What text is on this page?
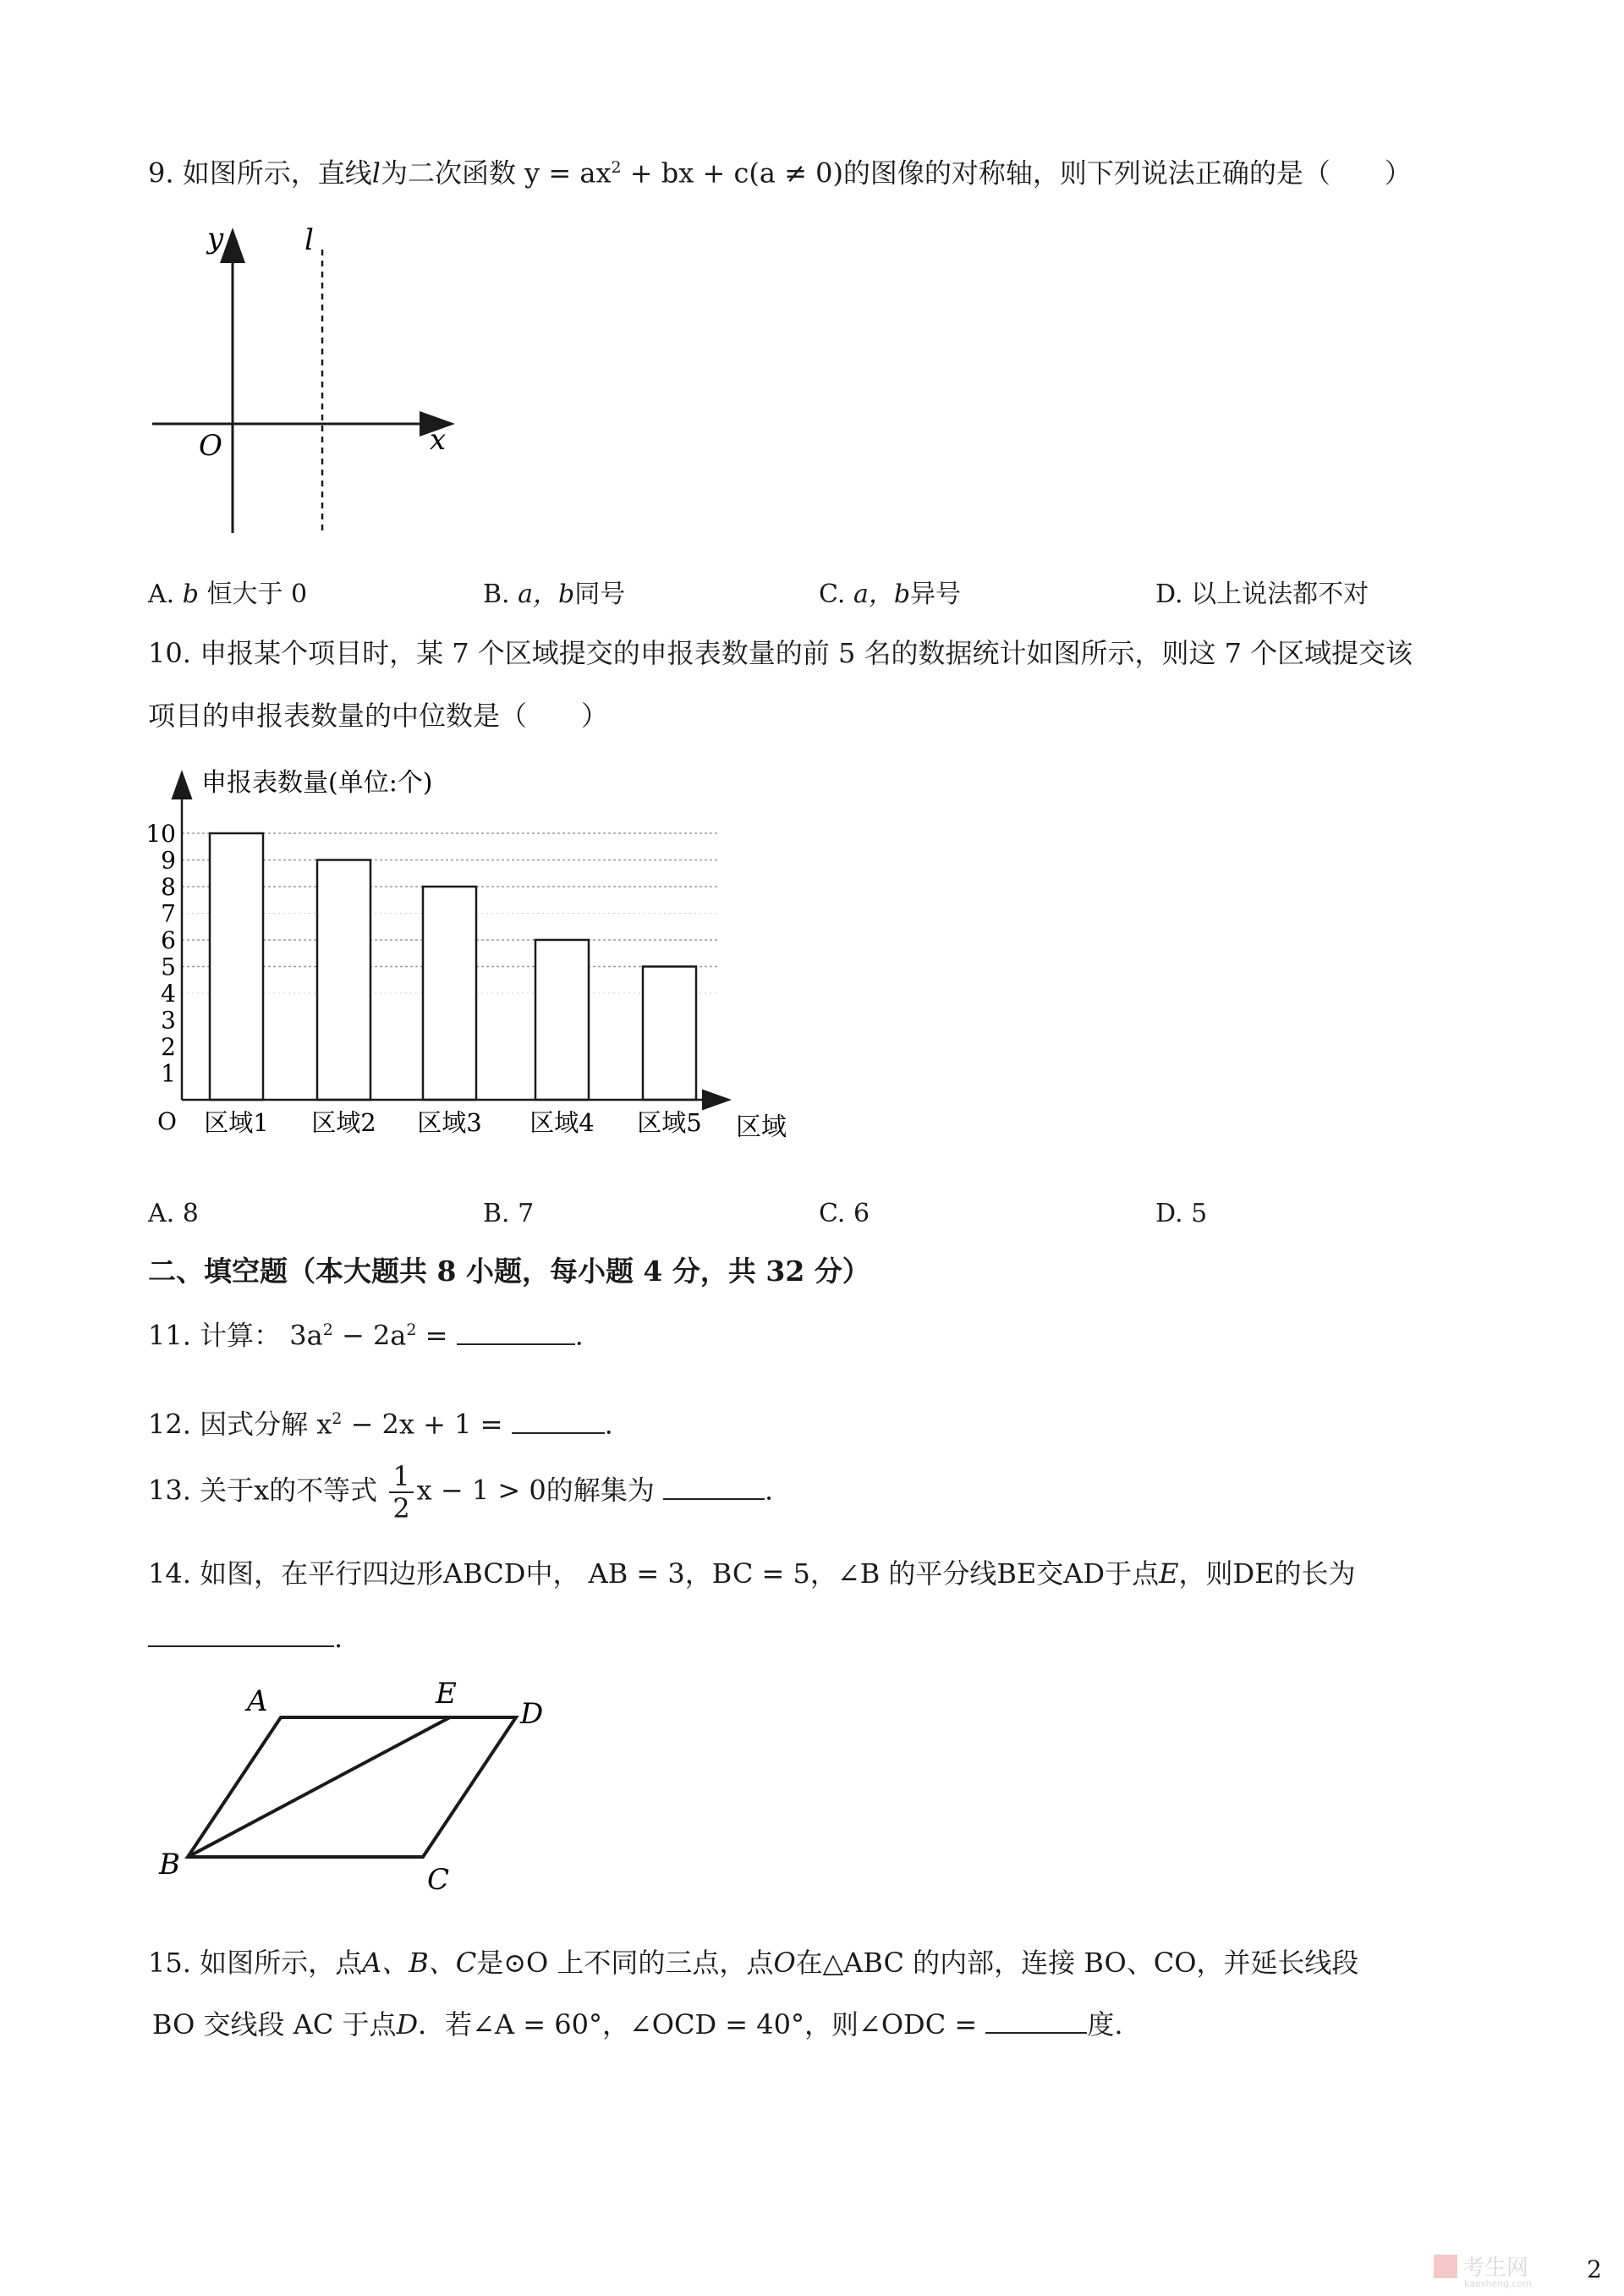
9. 如图所示，直线l为二次函数 $y = ax^2$ + bx + c(a ≠ 0)的图像的对称轴，则下列说法正确的是（　　）
y	l
O	x
A. b 恒大于 0	B. a，b同号	C. a，b异号	D. 以上说法都不对
10. 申报某个项目时，某 7 个区域提交的申报表数量的前 5 名的数据统计如图所示，则这 7 个区域提交该
项目的申报表数量的中位数是（　　）
1
2
3
4
5
6
7
8
9
10
申报表数量(单位:个)
O 区域1 区域2 区域3 区域4 区域5 区域
A. 8	B. 7	C. 6	D. 5
二、填空题（本大题共 8 小题，每小题 4 分，共 32 分）
11. 计算： $3a^2 - 2a^2$ =	.
12. 因式分解 $x^2 - 2x + 1$ =	.
13. 关于x的不等式 $\frac{1}{2}$ x − 1 > 0的解集为	.
14. 如图，在平行四边形ABCD中， AB = 3，BC = 5，∠B 的平分线BE交AD于点E，则DE的长为
.
A	E
D
B	C
15. 如图所示，点A、B、C是⊙O 上不同的三点，点O在△ABC 的内部，连接 BO、CO，并延长线段
BO 交线段 AC 于点D．若∠A = 60°，∠OCD = 40°，则∠ODC =	度.
2
考生网
kaosheng.com
